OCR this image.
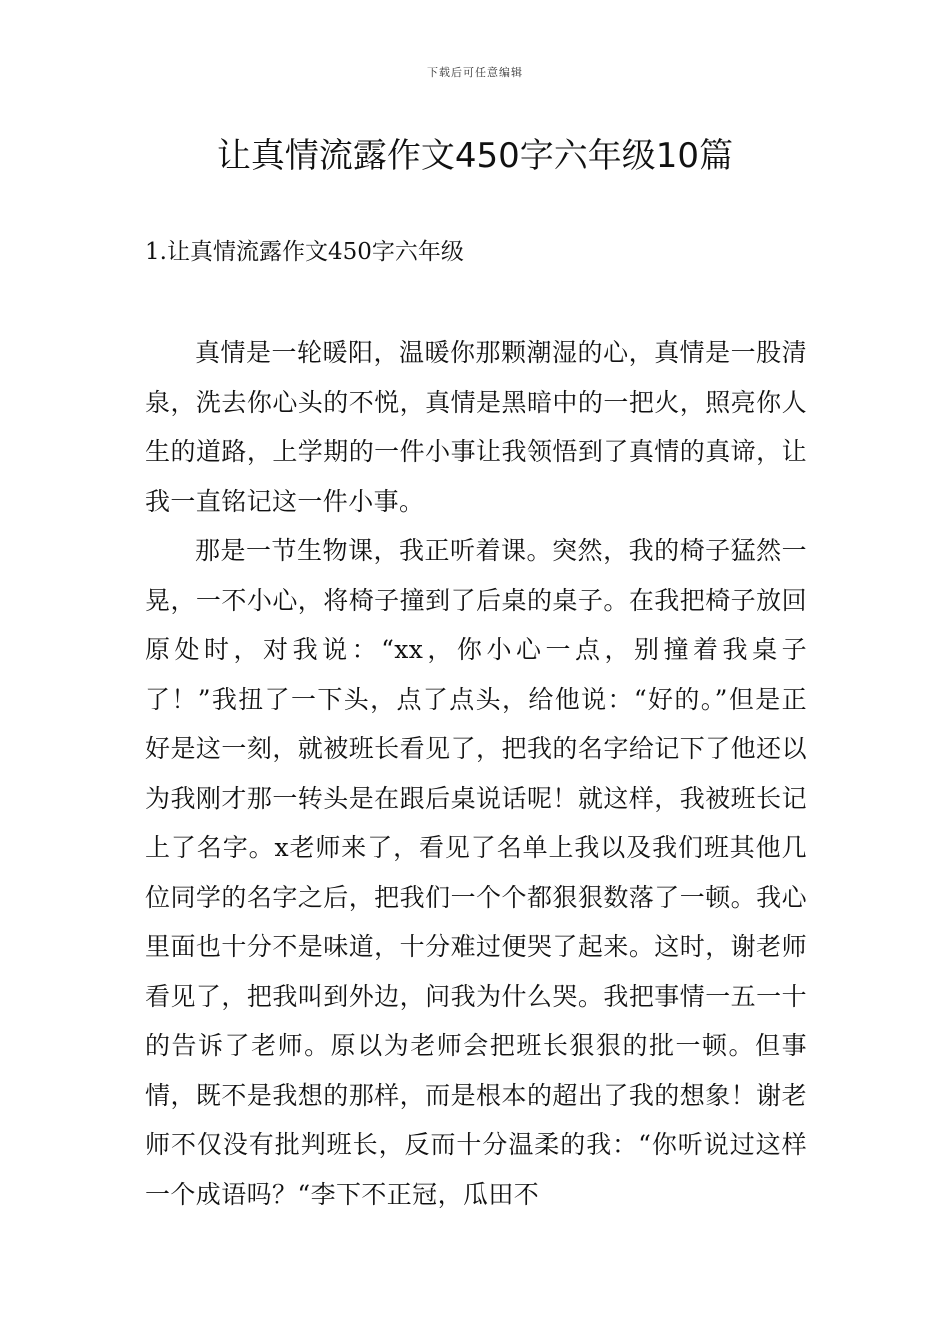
下载后可任意编辑
让真情流露作文450字六年级10篇
1.让真情流露作文450字六年级

真情是一轮暖阳，温暖你那颗潮湿的心，真情是一股清泉，洗去你心头的不悦，真情是黑暗中的一把火，照亮你人生的道路，上学期的一件小事让我领悟到了真情的真谛，让我一直铭记这一件小事。

那是一节生物课，我正听着课。突然，我的椅子猛然一晃，一不小心，将椅子撞到了后桌的桌子。在我把椅子放回原处时，对我说：“xx，你小心一点，别撞着我桌子了！”我扭了一下头，点了点头，给他说：“好的。”但是正好是这一刻，就被班长看见了，把我的名字给记下了他还以为我刚才那一转头是在跟后桌说话呢！就这样，我被班长记上了名字。x老师来了，看见了名单上我以及我们班其他几位同学的名字之后，把我们一个个都狠狠数落了一顿。我心里面也十分不是味道，十分难过便哭了起来。这时，谢老师看见了，把我叫到外边，问我为什么哭。我把事情一五一十的告诉了老师。原以为老师会把班长狠狠的批一顿。但事情，既不是我想的那样，而是根本的超出了我的想象！谢老师不仅没有批判班长，反而十分温柔的我：“你听说过这样一个成语吗？“李下不正冠，瓜田不
